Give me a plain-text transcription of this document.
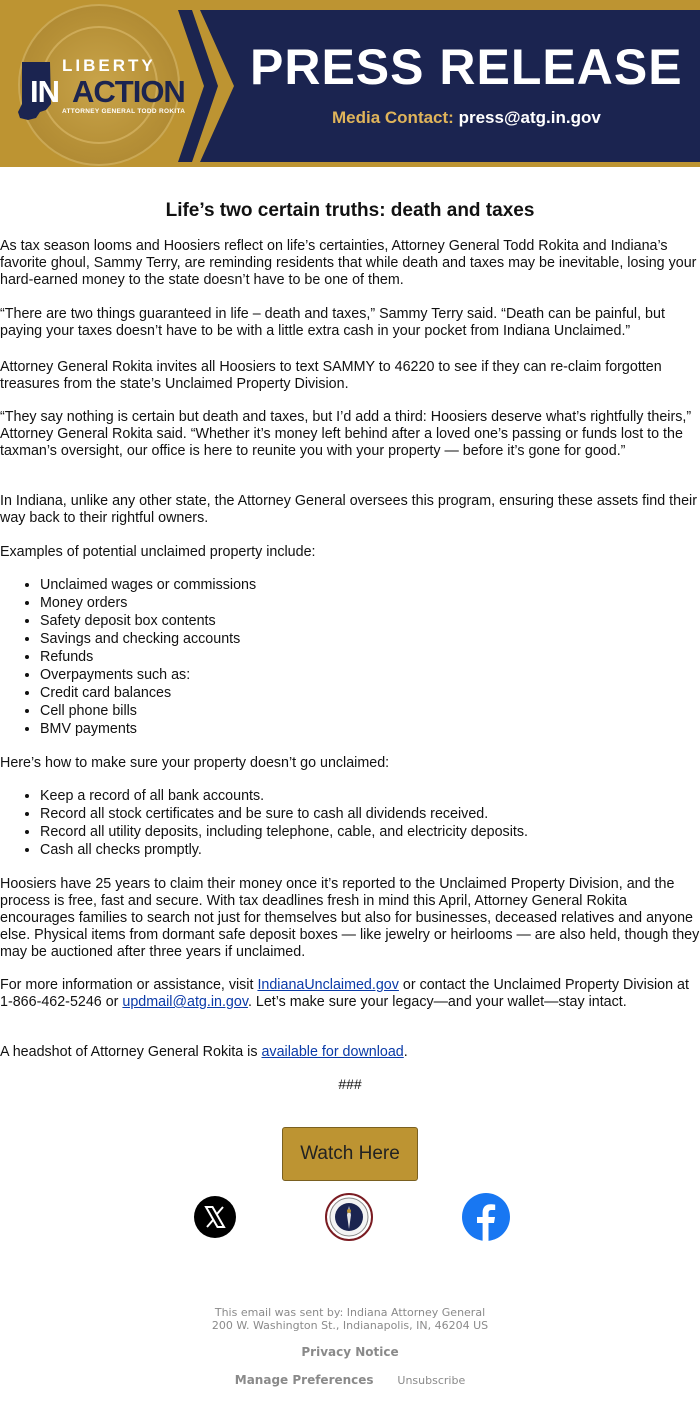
LIBERTY
IN ACTION
ATTORNEY GENERAL TODD ROKITA
PRESS RELEASE
Media Contact: press@atg.in.gov
Life’s two certain truths: death and taxes

As tax season looms and Hoosiers reflect on life’s certainties, Attorney General Todd Rokita and Indiana’s favorite ghoul, Sammy Terry, are reminding residents that while death and taxes may be inevitable, losing your hard-earned money to the state doesn’t have to be one of them.

“There are two things guaranteed in life – death and taxes,” Sammy Terry said. “Death can be painful, but paying your taxes doesn’t have to be with a little extra cash in your pocket from Indiana Unclaimed.”

Attorney General Rokita invites all Hoosiers to text SAMMY to 46220 to see if they can re-claim forgotten treasures from the state’s Unclaimed Property Division.

“They say nothing is certain but death and taxes, but I’d add a third: Hoosiers deserve what’s rightfully theirs,” Attorney General Rokita said. “Whether it’s money left behind after a loved one’s passing or funds lost to the taxman’s oversight, our office is here to reunite you with your property — before it’s gone for good.”

In Indiana, unlike any other state, the Attorney General oversees this program, ensuring these assets find their way back to their rightful owners.

Examples of potential unclaimed property include:

• Unclaimed wages or commissions
• Money orders
• Safety deposit box contents
• Savings and checking accounts
• Refunds
• Overpayments such as:
• Credit card balances
• Cell phone bills
• BMV payments

Here’s how to make sure your property doesn’t go unclaimed:

• Keep a record of all bank accounts.
• Record all stock certificates and be sure to cash all dividends received.
• Record all utility deposits, including telephone, cable, and electricity deposits.
• Cash all checks promptly.

Hoosiers have 25 years to claim their money once it’s reported to the Unclaimed Property Division, and the process is free, fast and secure. With tax deadlines fresh in mind this April, Attorney General Rokita encourages families to search not just for themselves but also for businesses, deceased relatives and anyone else. Physical items from dormant safe deposit boxes — like jewelry or heirlooms — are also held, though they may be auctioned after three years if unclaimed.

For more information or assistance, visit IndianaUnclaimed.gov or contact the Unclaimed Property Division at 1-866-462-5246 or updmail@atg.in.gov. Let’s make sure your legacy—and your wallet—stay intact.

A headshot of Attorney General Rokita is available for download.

###
Watch Here
This email was sent by: Indiana Attorney General
200 W. Washington St., Indianapolis, IN, 46204 US
Privacy Notice
Manage Preferences Unsubscribe
